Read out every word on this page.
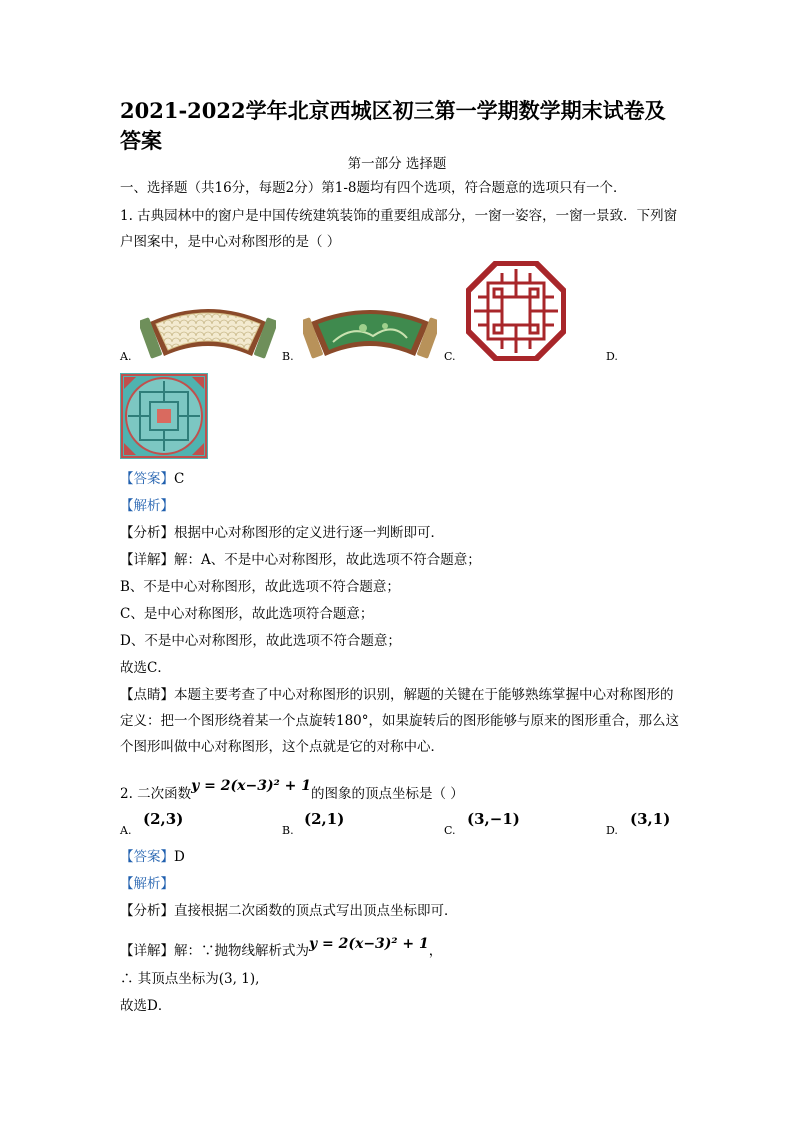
2021-2022学年北京西城区初三第一学期数学期末试卷及答案
第一部分 选择题
一、选择题（共16分，每题2分）第1-8题均有四个选项，符合题意的选项只有一个．
1. 古典园林中的窗户是中国传统建筑装饰的重要组成部分，一窗一姿容，一窗一景致．下列窗户图案中，是中心对称图形的是（ ）
A.	B.	C.	D.
【答案】C
【解析】
【分析】根据中心对称图形的定义进行逐一判断即可．
【详解】解：A、不是中心对称图形，故此选项不符合题意；
B、不是中心对称图形，故此选项不符合题意；
C、是中心对称图形，故此选项符合题意；
D、不是中心对称图形，故此选项不符合题意；
故选C．
【点睛】本题主要考查了中心对称图形的识别，解题的关键在于能够熟练掌握中心对称图形的定义：把一个图形绕着某一个点旋转180°，如果旋转后的图形能够与原来的图形重合，那么这个图形叫做中心对称图形，这个点就是它的对称中心．
2. 二次函数y = 2(x−3)² + 1的图象的顶点坐标是（ ）
A.
(2,3)
B.
(2,1)
C.
(3,−1)
D.
(3,1)
【答案】D
【解析】
【分析】直接根据二次函数的顶点式写出顶点坐标即可．
【详解】解：∵抛物线解析式为y = 2(x−3)² + 1，
∴ 其顶点坐标为(3, 1),
故选D．
